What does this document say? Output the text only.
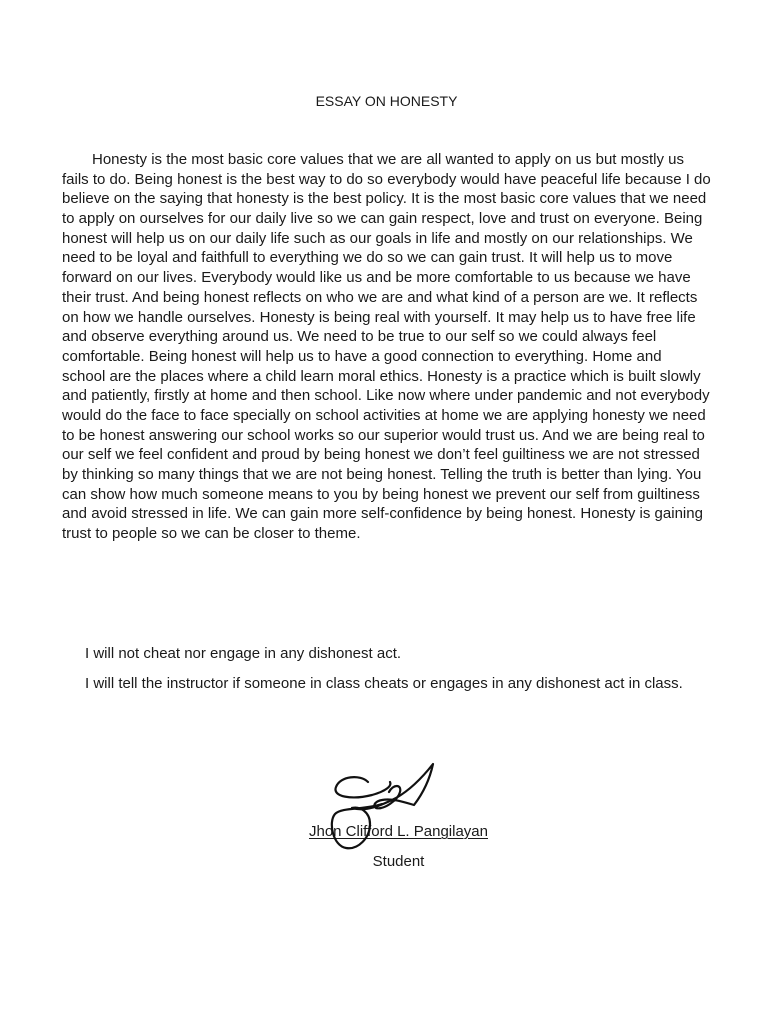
ESSAY ON HONESTY
Honesty is the most basic core values that we are all wanted to apply on us but mostly us
fails to do. Being honest is the best way to do so everybody would have peaceful life because I do
believe on the saying that honesty is the best policy. It is the most basic core values that we need
to apply on ourselves for our daily live so we can gain respect, love and trust on everyone. Being
honest will help us on our daily life such as our goals in life and mostly on our relationships. We
need to be loyal and faithfull to everything we do so we can gain trust. It will help us to move
forward on our lives. Everybody would like us and be more comfortable to us because we have
their trust. And being honest reflects on who we are and what kind of a person are we. It reflects
on how we handle ourselves. Honesty is being real with yourself. It may help us to have free life
and observe everything around us. We need to be true to our self so we could always feel
comfortable. Being honest will help us to have a good connection to everything. Home and
school are the places where a child learn moral ethics. Honesty is a practice which is built slowly
and patiently, firstly at home and then school. Like now where under pandemic and not everybody
would do the face to face specially on school activities at home we are applying honesty we need
to be honest answering our school works so our superior would trust us. And we are being real to
our self we feel confident and proud by being honest we don’t feel guiltiness we are not stressed
by thinking so many things that we are not being honest. Telling the truth is better than lying. You
can show how much someone means to you by being honest we prevent our self from guiltiness
and avoid stressed in life. We can gain more self-confidence by being honest. Honesty is gaining
trust to people so we can be closer to theme.
I will not cheat nor engage in any dishonest act.
I will tell the instructor if someone in class cheats or engages in any dishonest act in class.
Jhon Clifford L. Pangilayan
Student
